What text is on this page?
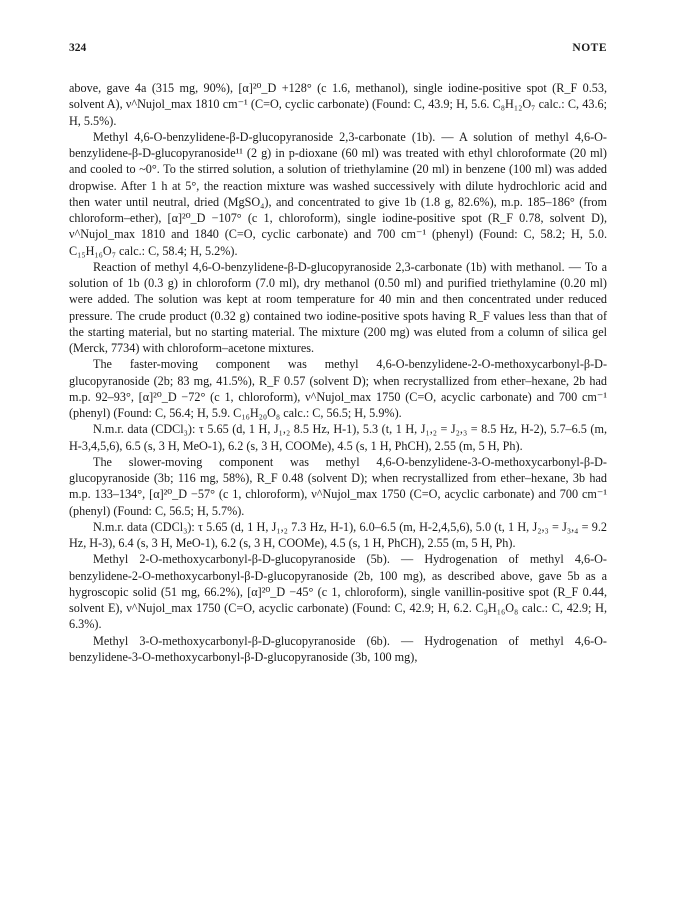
324	NOTE

above, gave 4a (315 mg, 90%), [α]²⁰_D +128° (c 1.6, methanol), single iodine-positive spot (R_F 0.53, solvent A), ν^Nujol_max 1810 cm⁻¹ (C=O, cyclic carbonate) (Found: C, 43.9; H, 5.6. C₈H₁₂O₇ calc.: C, 43.6; H, 5.5%).

Methyl 4,6-O-benzylidene-β-D-glucopyranoside 2,3-carbonate (1b). — A solution of methyl 4,6-O-benzylidene-β-D-glucopyranoside¹¹ (2 g) in p-dioxane (60 ml) was treated with ethyl chloroformate (20 ml) and cooled to ~0°. To the stirred solution, a solution of triethylamine (20 ml) in benzene (100 ml) was added dropwise. After 1 h at 5°, the reaction mixture was washed successively with dilute hydrochloric acid and then water until neutral, dried (MgSO₄), and concentrated to give 1b (1.8 g, 82.6%), m.p. 185–186° (from chloroform–ether), [α]²⁰_D −107° (c 1, chloroform), single iodine-positive spot (R_F 0.78, solvent D), ν^Nujol_max 1810 and 1840 (C=O, cyclic carbonate) and 700 cm⁻¹ (phenyl) (Found: C, 58.2; H, 5.0. C₁₅H₁₆O₇ calc.: C, 58.4; H, 5.2%).

Reaction of methyl 4,6-O-benzylidene-β-D-glucopyranoside 2,3-carbonate (1b) with methanol. — To a solution of 1b (0.3 g) in chloroform (7.0 ml), dry methanol (0.50 ml) and purified triethylamine (0.20 ml) were added. The solution was kept at room temperature for 40 min and then concentrated under reduced pressure. The crude product (0.32 g) contained two iodine-positive spots having R_F values less than that of the starting material, but no starting material. The mixture (200 mg) was eluted from a column of silica gel (Merck, 7734) with chloroform–acetone mixtures.

The faster-moving component was methyl 4,6-O-benzylidene-2-O-methoxycarbonyl-β-D-glucopyranoside (2b; 83 mg, 41.5%), R_F 0.57 (solvent D); when recrystallized from ether–hexane, 2b had m.p. 92–93°, [α]²⁰_D −72° (c 1, chloroform), ν^Nujol_max 1750 (C=O, acyclic carbonate) and 700 cm⁻¹ (phenyl) (Found: C, 56.4; H, 5.9. C₁₆H₂₀O₈ calc.: C, 56.5; H, 5.9%).

N.m.r. data (CDCl₃): τ 5.65 (d, 1 H, J₁,₂ 8.5 Hz, H-1), 5.3 (t, 1 H, J₁,₂ = J₂,₃ = 8.5 Hz, H-2), 5.7–6.5 (m, H-3,4,5,6), 6.5 (s, 3 H, MeO-1), 6.2 (s, 3 H, COOMe), 4.5 (s, 1 H, PhCH), 2.55 (m, 5 H, Ph).

The slower-moving component was methyl 4,6-O-benzylidene-3-O-methoxycarbonyl-β-D-glucopyranoside (3b; 116 mg, 58%), R_F 0.48 (solvent D); when recrystallized from ether–hexane, 3b had m.p. 133–134°, [α]²⁰_D −57° (c 1, chloroform), ν^Nujol_max 1750 (C=O, acyclic carbonate) and 700 cm⁻¹ (phenyl) (Found: C, 56.5; H, 5.7%).

N.m.r. data (CDCl₃): τ 5.65 (d, 1 H, J₁,₂ 7.3 Hz, H-1), 6.0–6.5 (m, H-2,4,5,6), 5.0 (t, 1 H, J₂,₃ = J₃,₄ = 9.2 Hz, H-3), 6.4 (s, 3 H, MeO-1), 6.2 (s, 3 H, COOMe), 4.5 (s, 1 H, PhCH), 2.55 (m, 5 H, Ph).

Methyl 2-O-methoxycarbonyl-β-D-glucopyranoside (5b). — Hydrogenation of methyl 4,6-O-benzylidene-2-O-methoxycarbonyl-β-D-glucopyranoside (2b, 100 mg), as described above, gave 5b as a hygroscopic solid (51 mg, 66.2%), [α]²⁰_D −45° (c 1, chloroform), single vanillin-positive spot (R_F 0.44, solvent E), ν^Nujol_max 1750 (C=O, acyclic carbonate) (Found: C, 42.9; H, 6.2. C₉H₁₆O₈ calc.: C, 42.9; H, 6.3%).

Methyl 3-O-methoxycarbonyl-β-D-glucopyranoside (6b). — Hydrogenation of methyl 4,6-O-benzylidene-3-O-methoxycarbonyl-β-D-glucopyranoside (3b, 100 mg),
